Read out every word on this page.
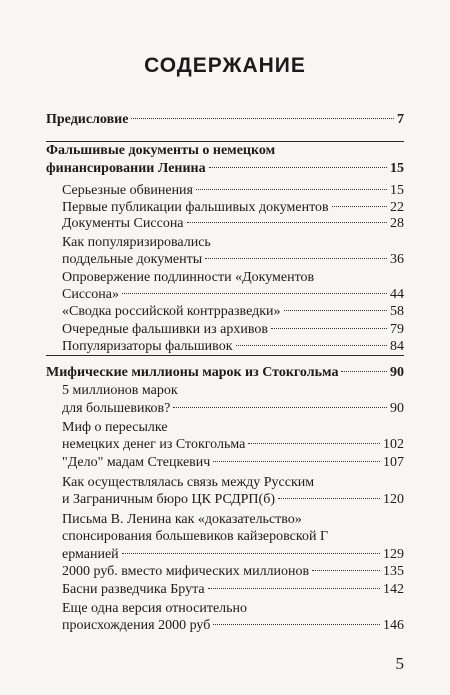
СОДЕРЖАНИЕ
Предисловие	7
Фальшивые документы о немецком
финансировании Ленина	15
Серьезные обвинения	15
Первые публикации фальшивых документов	22
Документы Сиссона	28
Как популяризировались
поддельные документы	36
Опровержение подлинности «Документов
Сиссона»	44
«Сводка российской контрразведки»	58
Очередные фальшивки из архивов	79
Популяризаторы фальшивок	84
Мифические миллионы марок из Стокгольма	90
5 миллионов марок
для большевиков?	90
Миф о пересылке
немецких денег из Стокгольма	102
"Дело" мадам Стецкевич	107
Как осуществлялась связь между Русским
и Заграничным бюро ЦК РСДРП(б)	120
Письма В. Ленина как «доказательство»
спонсирования большевиков кайзеровской Г
ерманией	129
2000 руб. вместо мифических миллионов	135
Басни разведчика Брута	142
Еще одна версия относительно
происхождения 2000 руб	146
5
